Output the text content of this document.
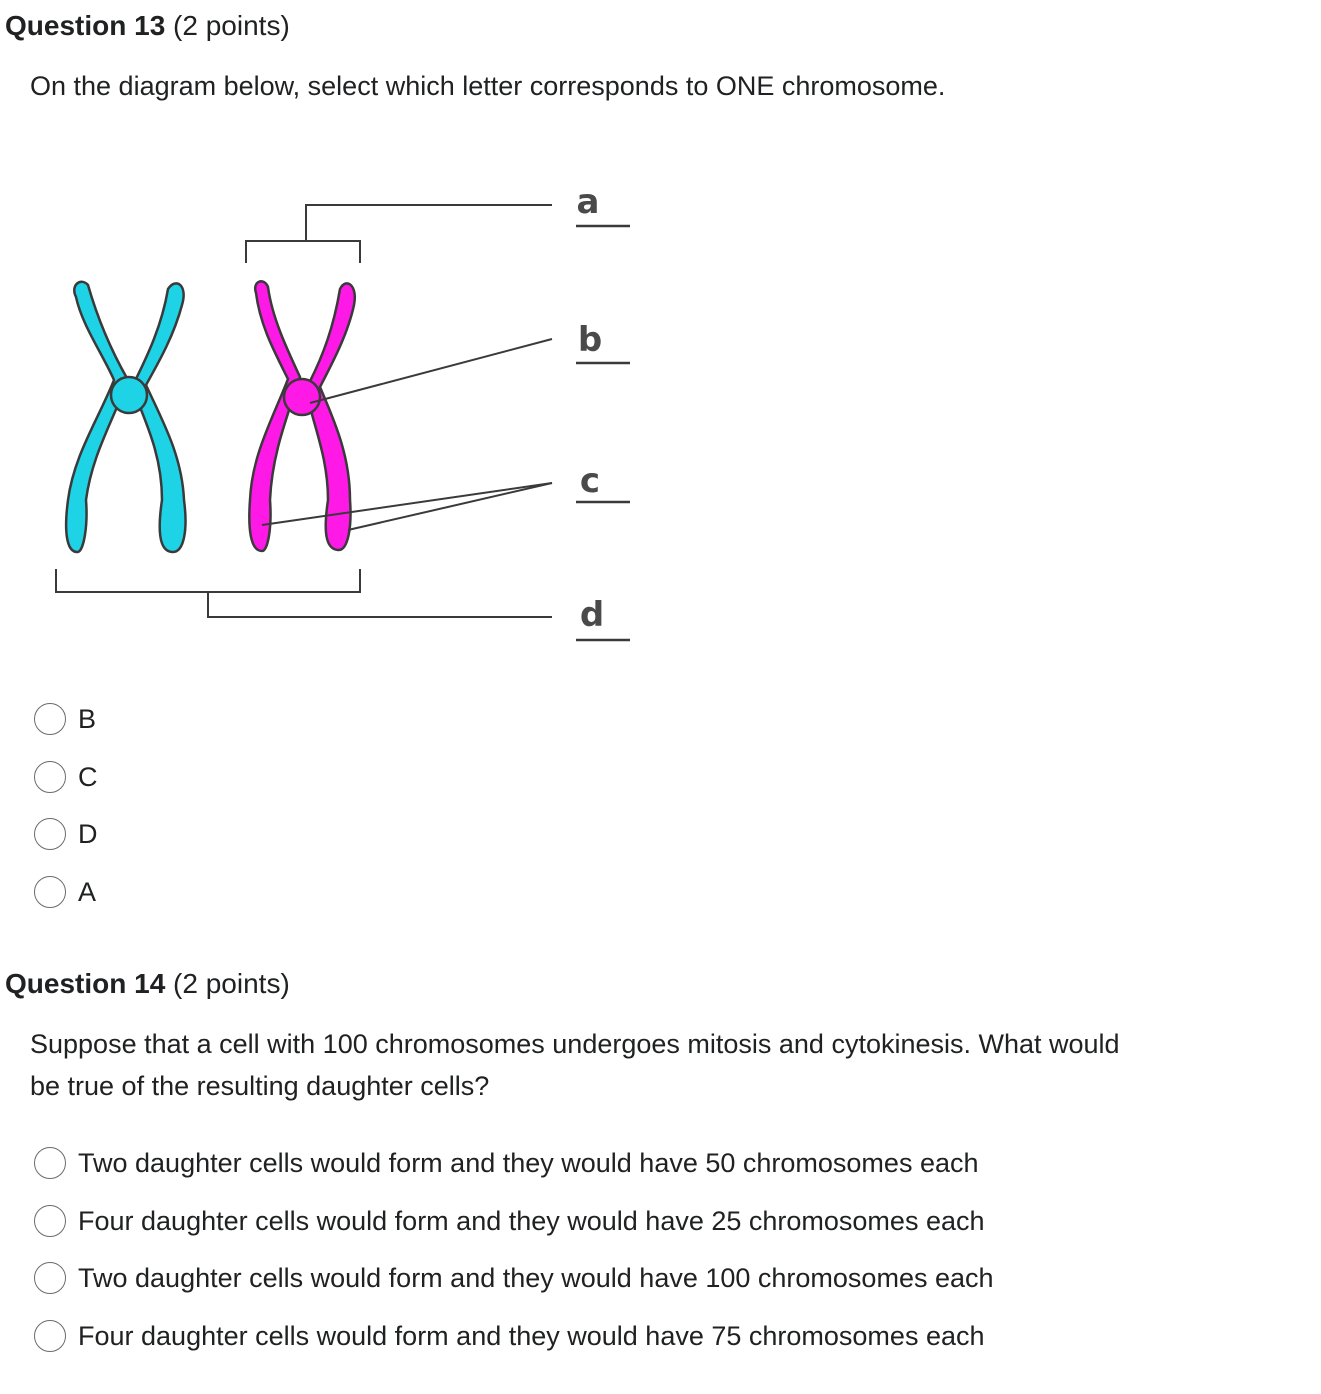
Question 13 (2 points)
On the diagram below, select which letter corresponds to ONE chromosome.
a
b
c
d
B
C
D
A
Question 14 (2 points)
Suppose that a cell with 100 chromosomes undergoes mitosis and cytokinesis. What would be true of the resulting daughter cells?
Two daughter cells would form and they would have 50 chromosomes each
Four daughter cells would form and they would have 25 chromosomes each
Two daughter cells would form and they would have 100 chromosomes each
Four daughter cells would form and they would have 75 chromosomes each
